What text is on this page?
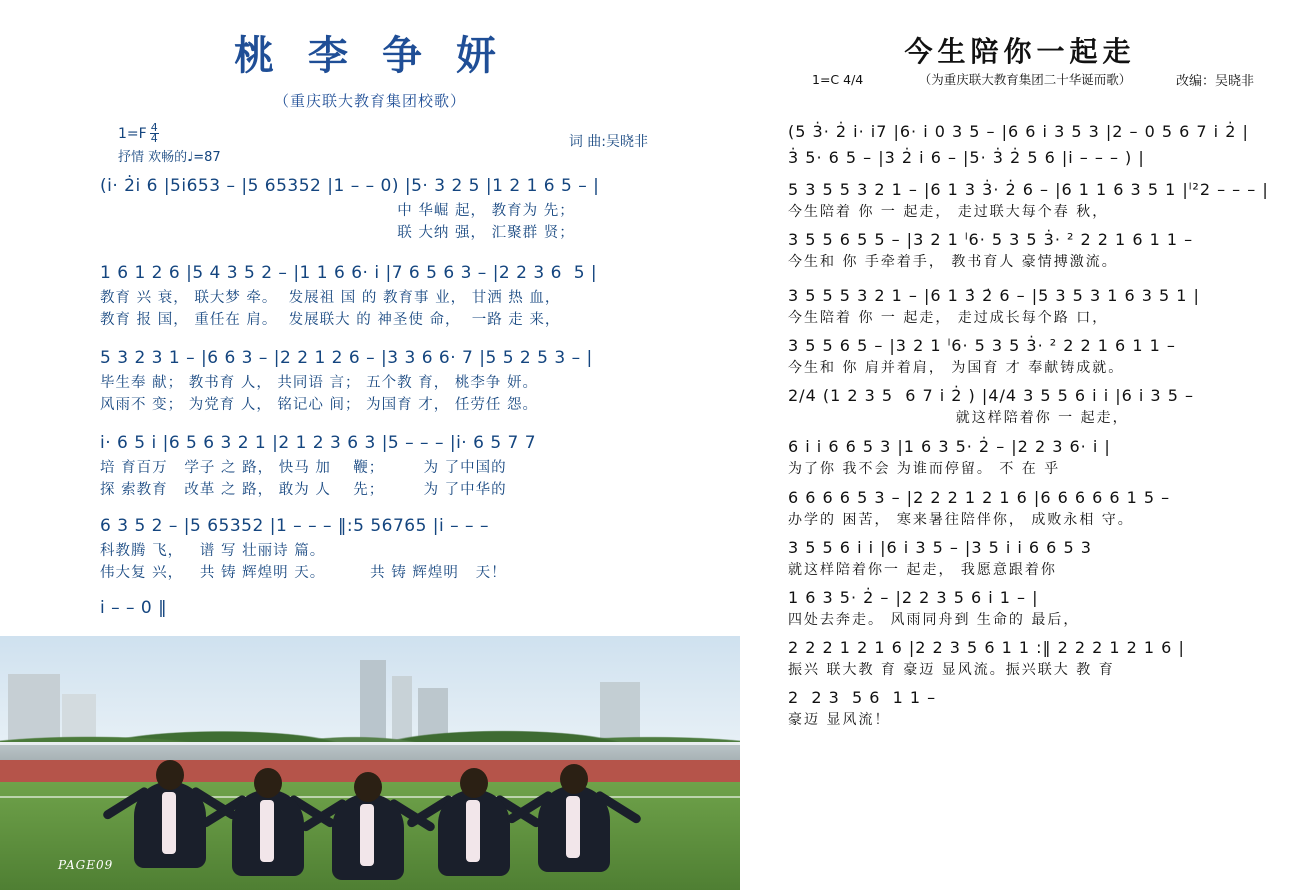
桃 李 争 妍
（重庆联大教育集团校歌）
$1=F \frac{4}{4}$
抒情 欢畅的♩=87
词 曲:吴晓非
(i· 2̇i 6 |5i̇653 – |5 65352 |1 – – 0) |5· 3 2 5 |1 2 1 6 5 – |
中 华崛 起， 教育为 先；
联 大纳 强， 汇聚群 贤；
1 6 1 2 6 |5 4 3 5 2 – |1 1 6 6· i |7 6 5 6 3 – |2 2 3 6  5 |
教育 兴 衰， 联大梦 牵。  发展祖 国 的 教育事 业， 甘洒 热 血，
教育 报 国， 重任在 肩。  发展联大 的 神圣使 命，  一路 走 来，
5 3 2 3 1 – |6 6 3 – |2 2 1 2 6 – |3 3 6 6· 7 |5 5 2 5 3 – |
毕生奉 献； 教书育 人， 共同语 言； 五个教 育， 桃李争 妍。
风雨不 变； 为党育 人， 铭记心 间； 为国育 才， 任劳任 怨。
i· 6 5 i |6 5 6 3 2 1 |2 1 2 3 6 3 |5 – – – |i· 6 5 7 7
培 育百万   学子 之 路， 快马 加    鞭；       为 了中国的
探 索教育   改革 之 路， 敢为 人    先；       为 了中华的
6 3 5 2 – |5 65352 |1 – – – ‖:5 56765 |i – – –
科教腾 飞，   谱 写 壮丽诗 篇。
伟大复 兴，   共 铸 辉煌明 天。        共 铸 辉煌明   天！
i – – 0 ‖
PAGE09
今生陪你一起走
（为重庆联大教育集团二十华诞而歌）
1=C 4/4	改编：吴晓非
(5 3̇· 2̇ i· i7 |6· i 0 3 5 – |6 6 i 3 5 3 |2 – 0 5 6 7 i 2̇ |
3̇ 5· 6 5 – |3 2̇ i 6 – |5· 3̇ 2̇ 5 6 |i – – – ) |
5 3 5 5 3 2 1 – |6 1 3 3̇· 2̇ 6 – |6 1 1 6 3 5 1 |ˡ²2 – – – |
今生陪着 你 一 起走， 走过联大每个春 秋，
3 5 5 6 5 5 – |3 2 1 ˡ6· 5 3 5 3̇· ² 2 2 1 6 1 1 –
今生和 你 手牵着手， 教书育人 豪情搏激流。
3 5 5 5 3 2 1 – |6 1 3̇ 2̇ 6 – |5 3 5 3 1 6 3 5 1 |
今生陪着 你 一 起走， 走过成长每个路 口，
3 5 5 6 5 – |3 2 1 ˡ6· 5 3 5 3̇· ² 2 2 1 6 1 1 –
今生和 你 肩并着肩， 为国育 才 奉献铸成就。
2/4 (1 2 3 5  6 7 i 2̇ ) |4/4 3 5 5 6 i i |6 i 3 5 –
就这样陪着你 一 起走，
6 i i 6 6 5 3 |1 6 3 5· 2̇ – |2 2 3 6· i |
为了你 我不会 为谁而停留。 不 在 乎
6 6 6 6 5 3 – |2 2 2 1 2 1 6 |6 6 6 6 6 1 5 –
办学的 困苦， 寒来暑往陪伴你， 成败永相 守。
3 5 5 6 i i |6 i 3 5 – |3 5 i i 6 6 5 3
就这样陪着你一 起走， 我愿意跟着你
1 6 3 5· 2̇ – |2 2 3 5 6 i 1 – |
四处去奔走。 风雨同舟到 生命的 最后，
2 2 2 1 2 1 6 |2 2 3 5 6 1 1 :‖ 2 2 2 1 2 1 6 |
振兴 联大教 育 豪迈 显风流。振兴联大 教 育
2  2 3  5 6  1 1 –
豪迈 显风流！
